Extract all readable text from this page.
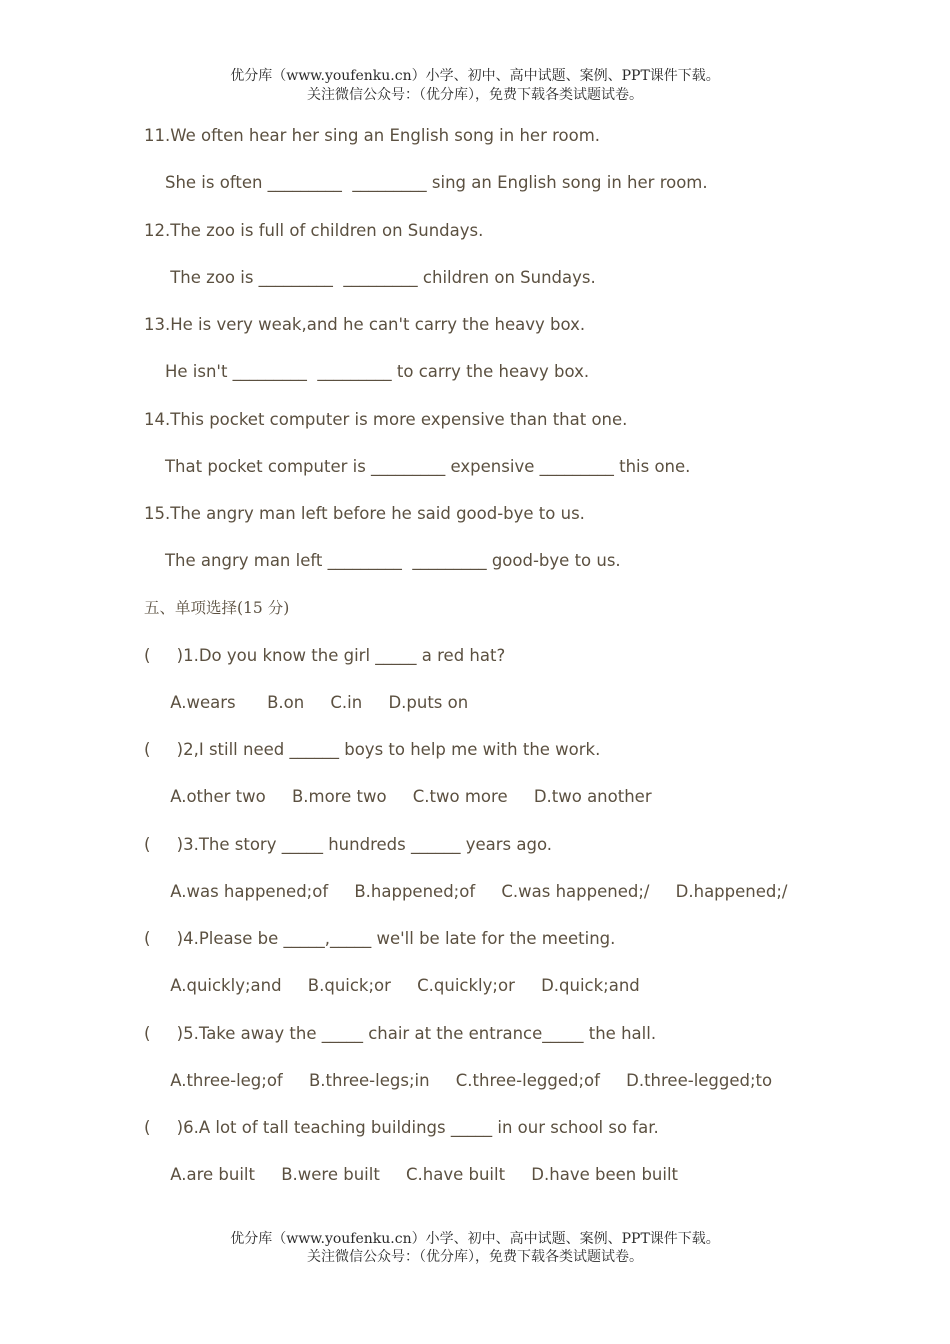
优分库（www.youfenku.cn）小学、初中、高中试题、案例、PPT课件下载。
关注微信公众号：（优分库），免费下载各类试题试卷。
11.We often hear her sing an English song in her room.
She is often _________  _________ sing an English song in her room.
12.The zoo is full of children on Sundays.
The zoo is _________  _________ children on Sundays.
13.He is very weak,and he can't carry the heavy box.
He isn't _________  _________ to carry the heavy box.
14.This pocket computer is more expensive than that one.
That pocket computer is _________ expensive _________ this one.
15.The angry man left before he said good-bye to us.
The angry man left _________  _________ good-bye to us.
五、单项选择(15 分)
(     )1.Do you know the girl _____ a red hat?
A.wears      B.on     C.in     D.puts on
(     )2,I still need ______ boys to help me with the work.
A.other two     B.more two     C.two more     D.two another
(     )3.The story _____ hundreds ______ years ago.
A.was happened;of     B.happened;of     C.was happened;/     D.happened;/
(     )4.Please be _____,_____ we'll be late for the meeting.
A.quickly;and     B.quick;or     C.quickly;or     D.quick;and
(     )5.Take away the _____ chair at the entrance_____ the hall.
A.three-leg;of     B.three-legs;in     C.three-legged;of     D.three-legged;to
(     )6.A lot of tall teaching buildings _____ in our school so far.
A.are built     B.were built     C.have built     D.have been built
优分库（www.youfenku.cn）小学、初中、高中试题、案例、PPT课件下载。
关注微信公众号：（优分库），免费下载各类试题试卷。
